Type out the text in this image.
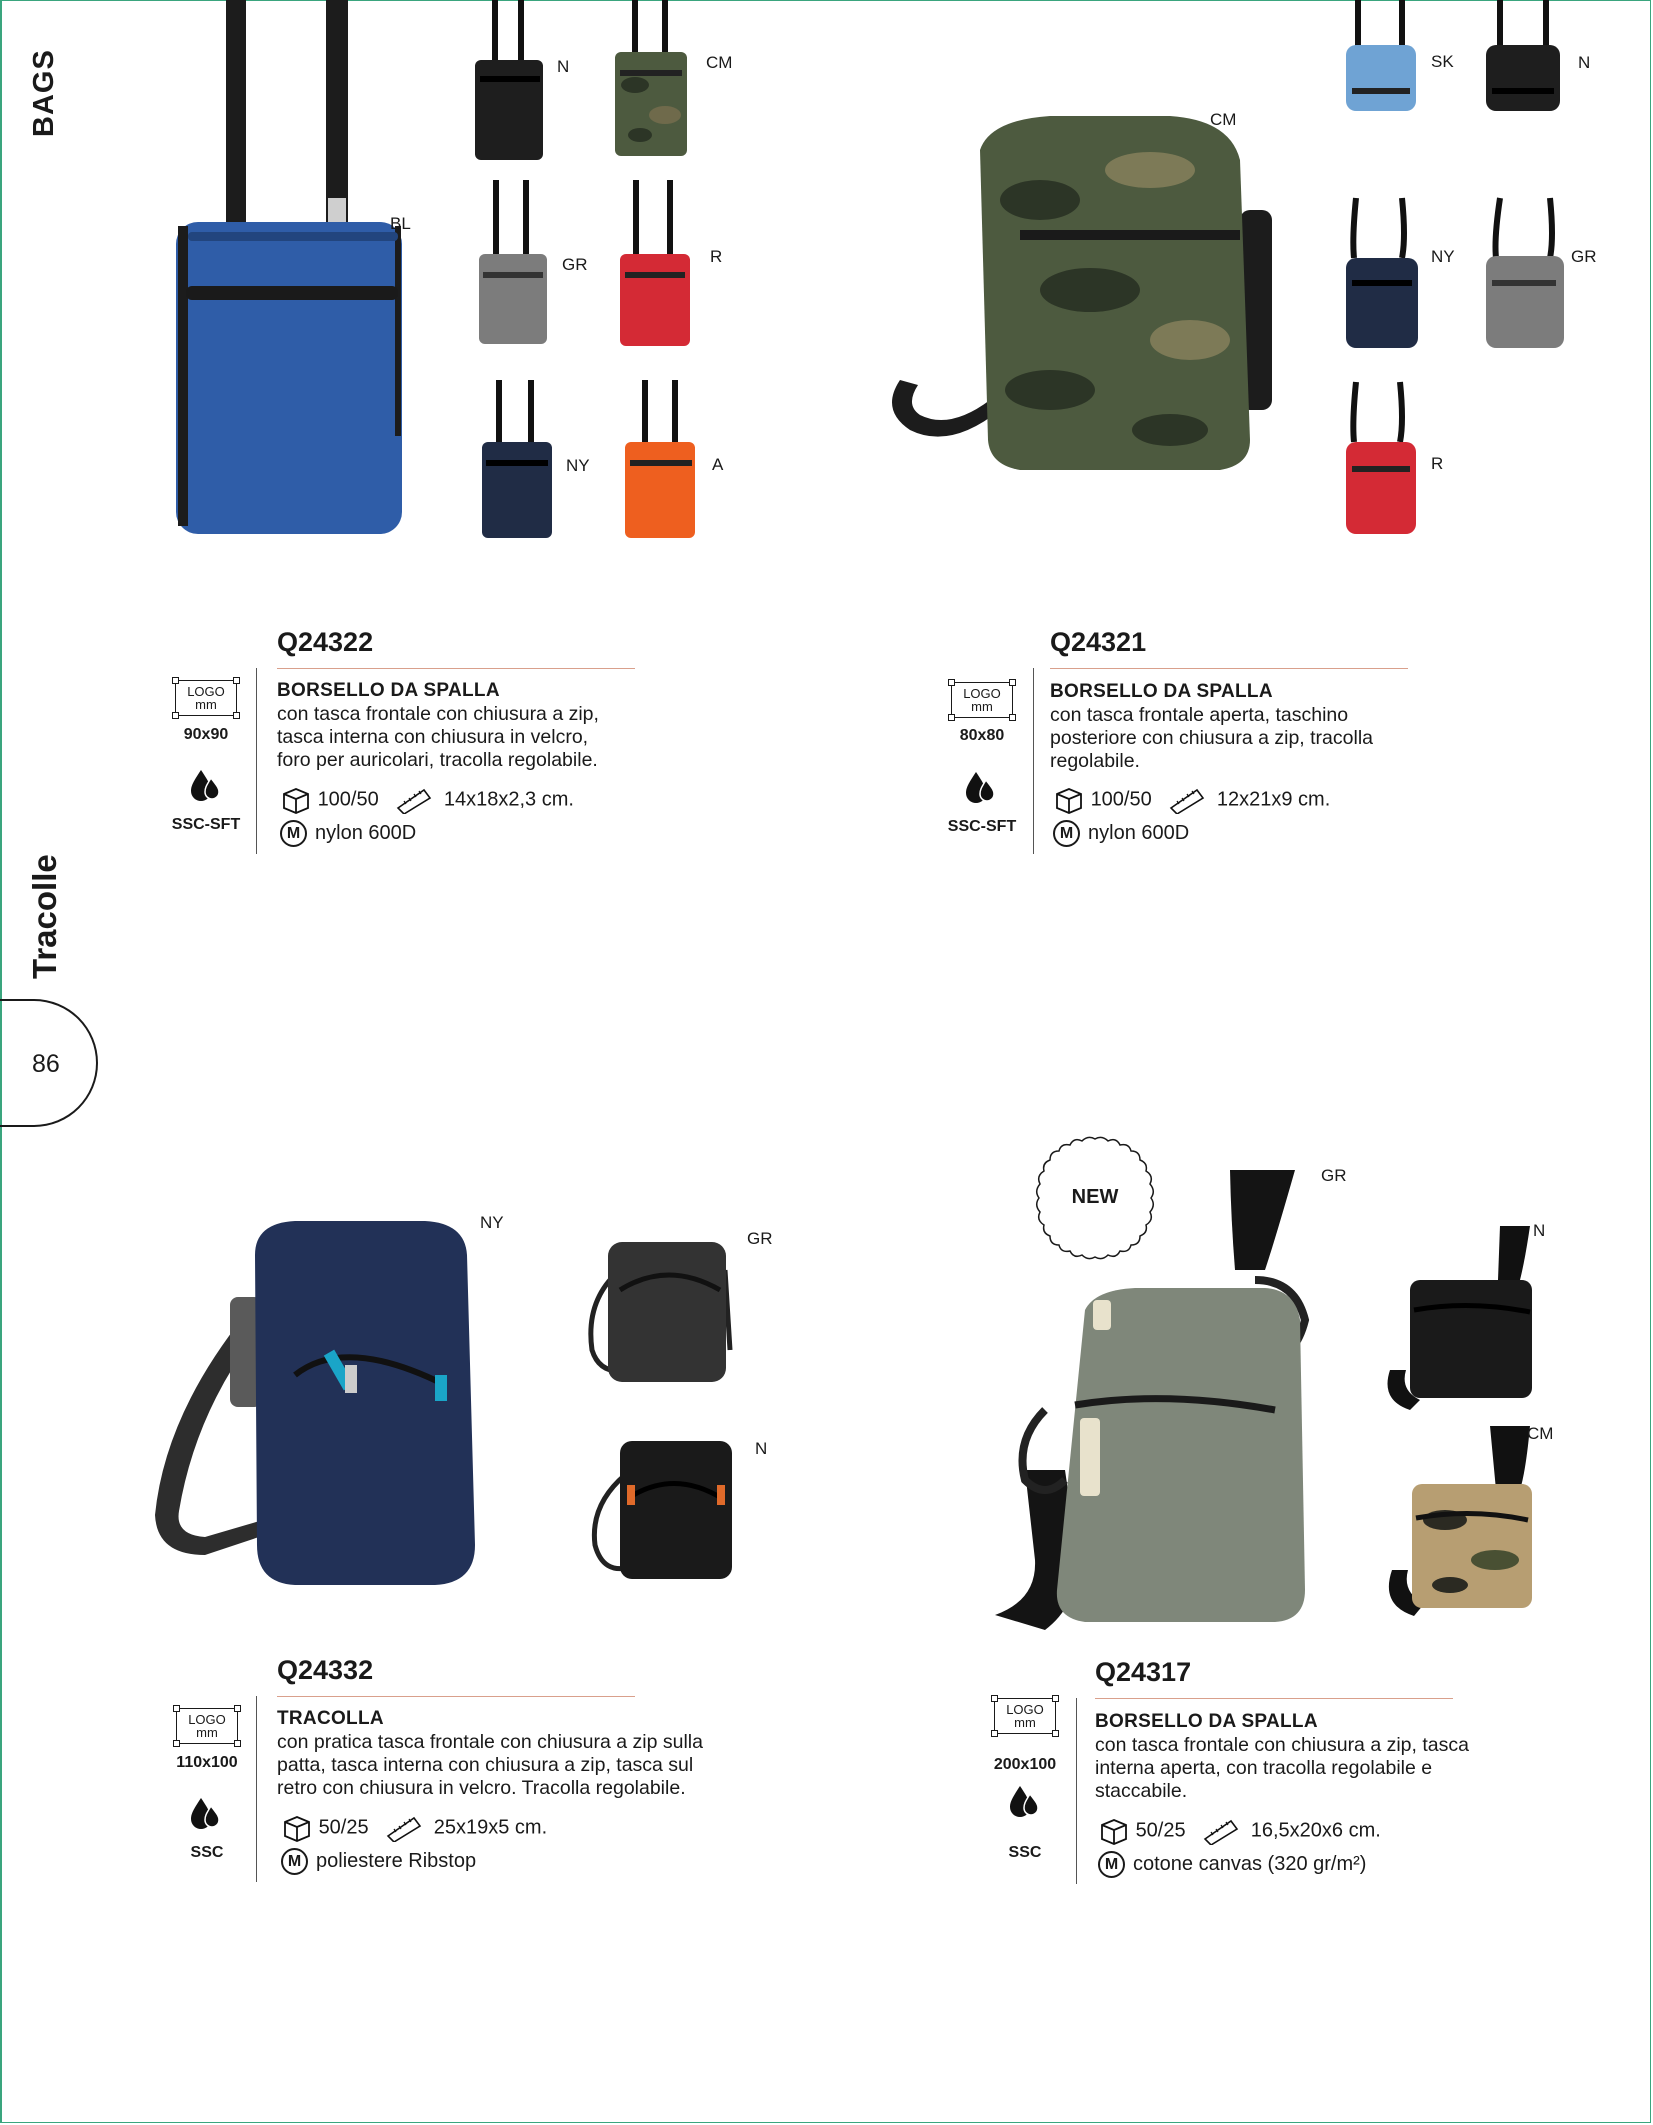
BAGS
Tracolle
86
BL
N	CM
GR	R
NY	A
CM
SK	N
NY	GR
R
Q24322
LOGO
mm
90x90
SSC-SFT
BORSELLO DA SPALLA
con tasca frontale con chiusura a zip,
tasca interna con chiusura in velcro,
foro per auricolari, tracolla regolabile.
100/50	14x18x2,3 cm.
M nylon 600D
Q24321
LOGO
mm
80x80
SSC-SFT
BORSELLO DA SPALLA
con tasca frontale aperta, taschino
posteriore con chiusura a zip, tracolla
regolabile.
100/50	12x21x9 cm.
M nylon 600D
NY
GR
N
NEW
GR
N
CM
Q24332
LOGO
mm
110x100
SSC
TRACOLLA
con pratica tasca frontale con chiusura a zip sulla
patta, tasca interna con chiusura a zip, tasca sul
retro con chiusura in velcro. Tracolla regolabile.
50/25	25x19x5 cm.
M poliestere Ribstop
Q24317
LOGO
mm
200x100
SSC
BORSELLO DA SPALLA
con tasca frontale con chiusura a zip, tasca
interna aperta, con tracolla regolabile e
staccabile.
50/25	16,5x20x6 cm.
M cotone canvas (320 gr/m²)
